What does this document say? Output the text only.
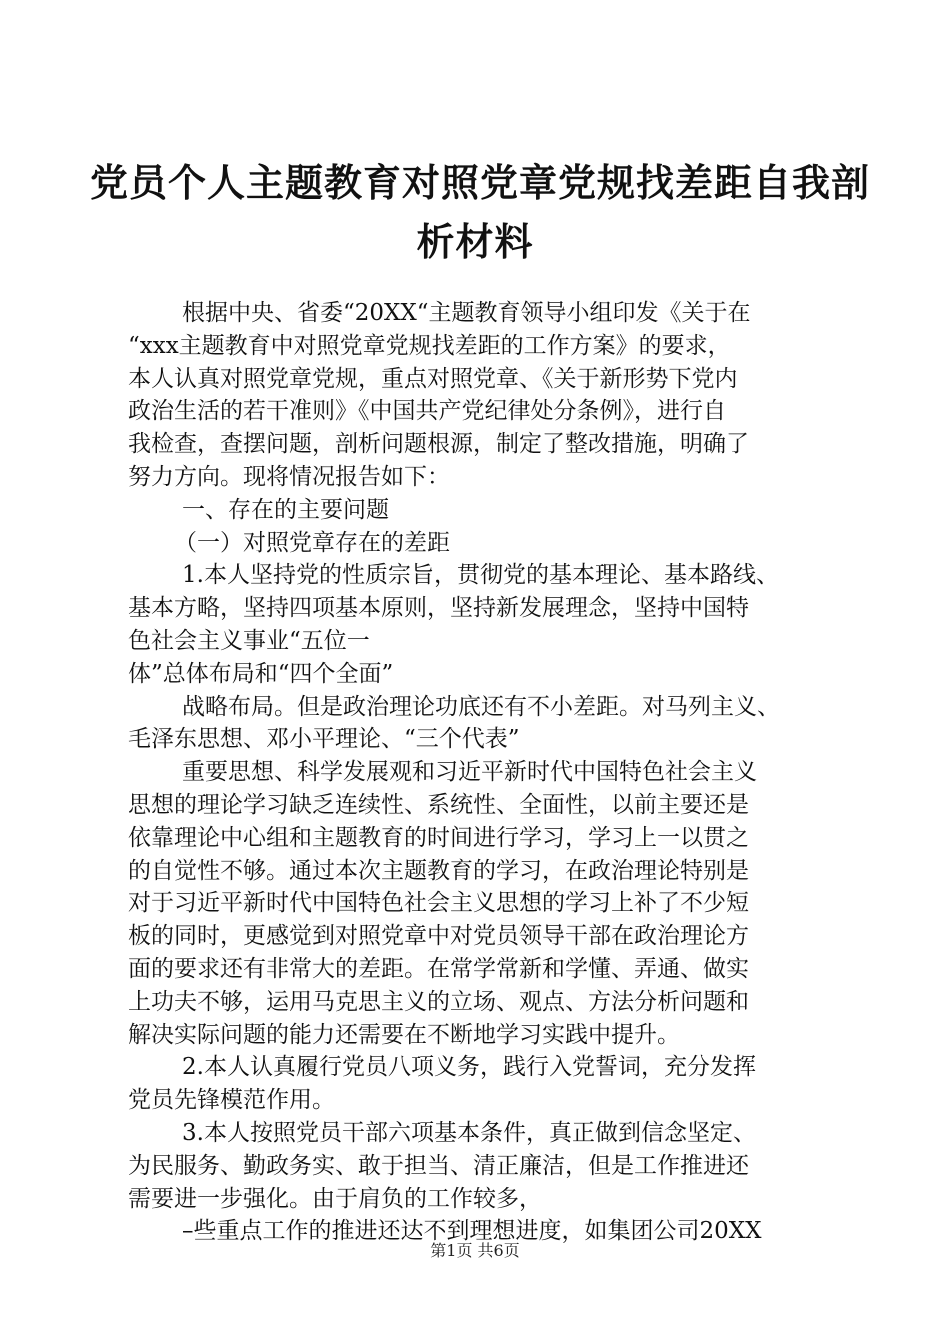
党员个人主题教育对照党章党规找差距自我剖
析材料
根据中央、省委“20XX“主题教育领导小组印发《关于在
“xxx主题教育中对照党章党规找差距的工作方案》的要求，
本人认真对照党章党规，重点对照党章、《关于新形势下党内
政治生活的若干准则》《中国共产党纪律处分条例》，进行自
我检查，查摆问题，剖析问题根源，制定了整改措施，明确了
努力方向。现将情况报告如下：
一、存在的主要问题
（一）对照党章存在的差距
1.本人坚持党的性质宗旨，贯彻党的基本理论、基本路线、
基本方略，坚持四项基本原则，坚持新发展理念，坚持中国特
色社会主义事业“五位一
体”总体布局和“四个全面”
战略布局。但是政治理论功底还有不小差距。对马列主义、
毛泽东思想、邓小平理论、“三个代表”
重要思想、科学发展观和习近平新时代中国特色社会主义
思想的理论学习缺乏连续性、系统性、全面性，以前主要还是
依靠理论中心组和主题教育的时间进行学习，学习上一以贯之
的自觉性不够。通过本次主题教育的学习，在政治理论特别是
对于习近平新时代中国特色社会主义思想的学习上补了不少短
板的同时，更感觉到对照党章中对党员领导干部在政治理论方
面的要求还有非常大的差距。在常学常新和学懂、弄通、做实
上功夫不够，运用马克思主义的立场、观点、方法分析问题和
解决实际问题的能力还需要在不断地学习实践中提升。
2.本人认真履行党员八项义务，践行入党誓词，充分发挥
党员先锋模范作用。
3.本人按照党员干部六项基本条件，真正做到信念坚定、
为民服务、勤政务实、敢于担当、清正廉洁，但是工作推进还
需要进一步强化。由于肩负的工作较多，
–些重点工作的推进还达不到理想进度，如集团公司20XX
第1页 共6页
